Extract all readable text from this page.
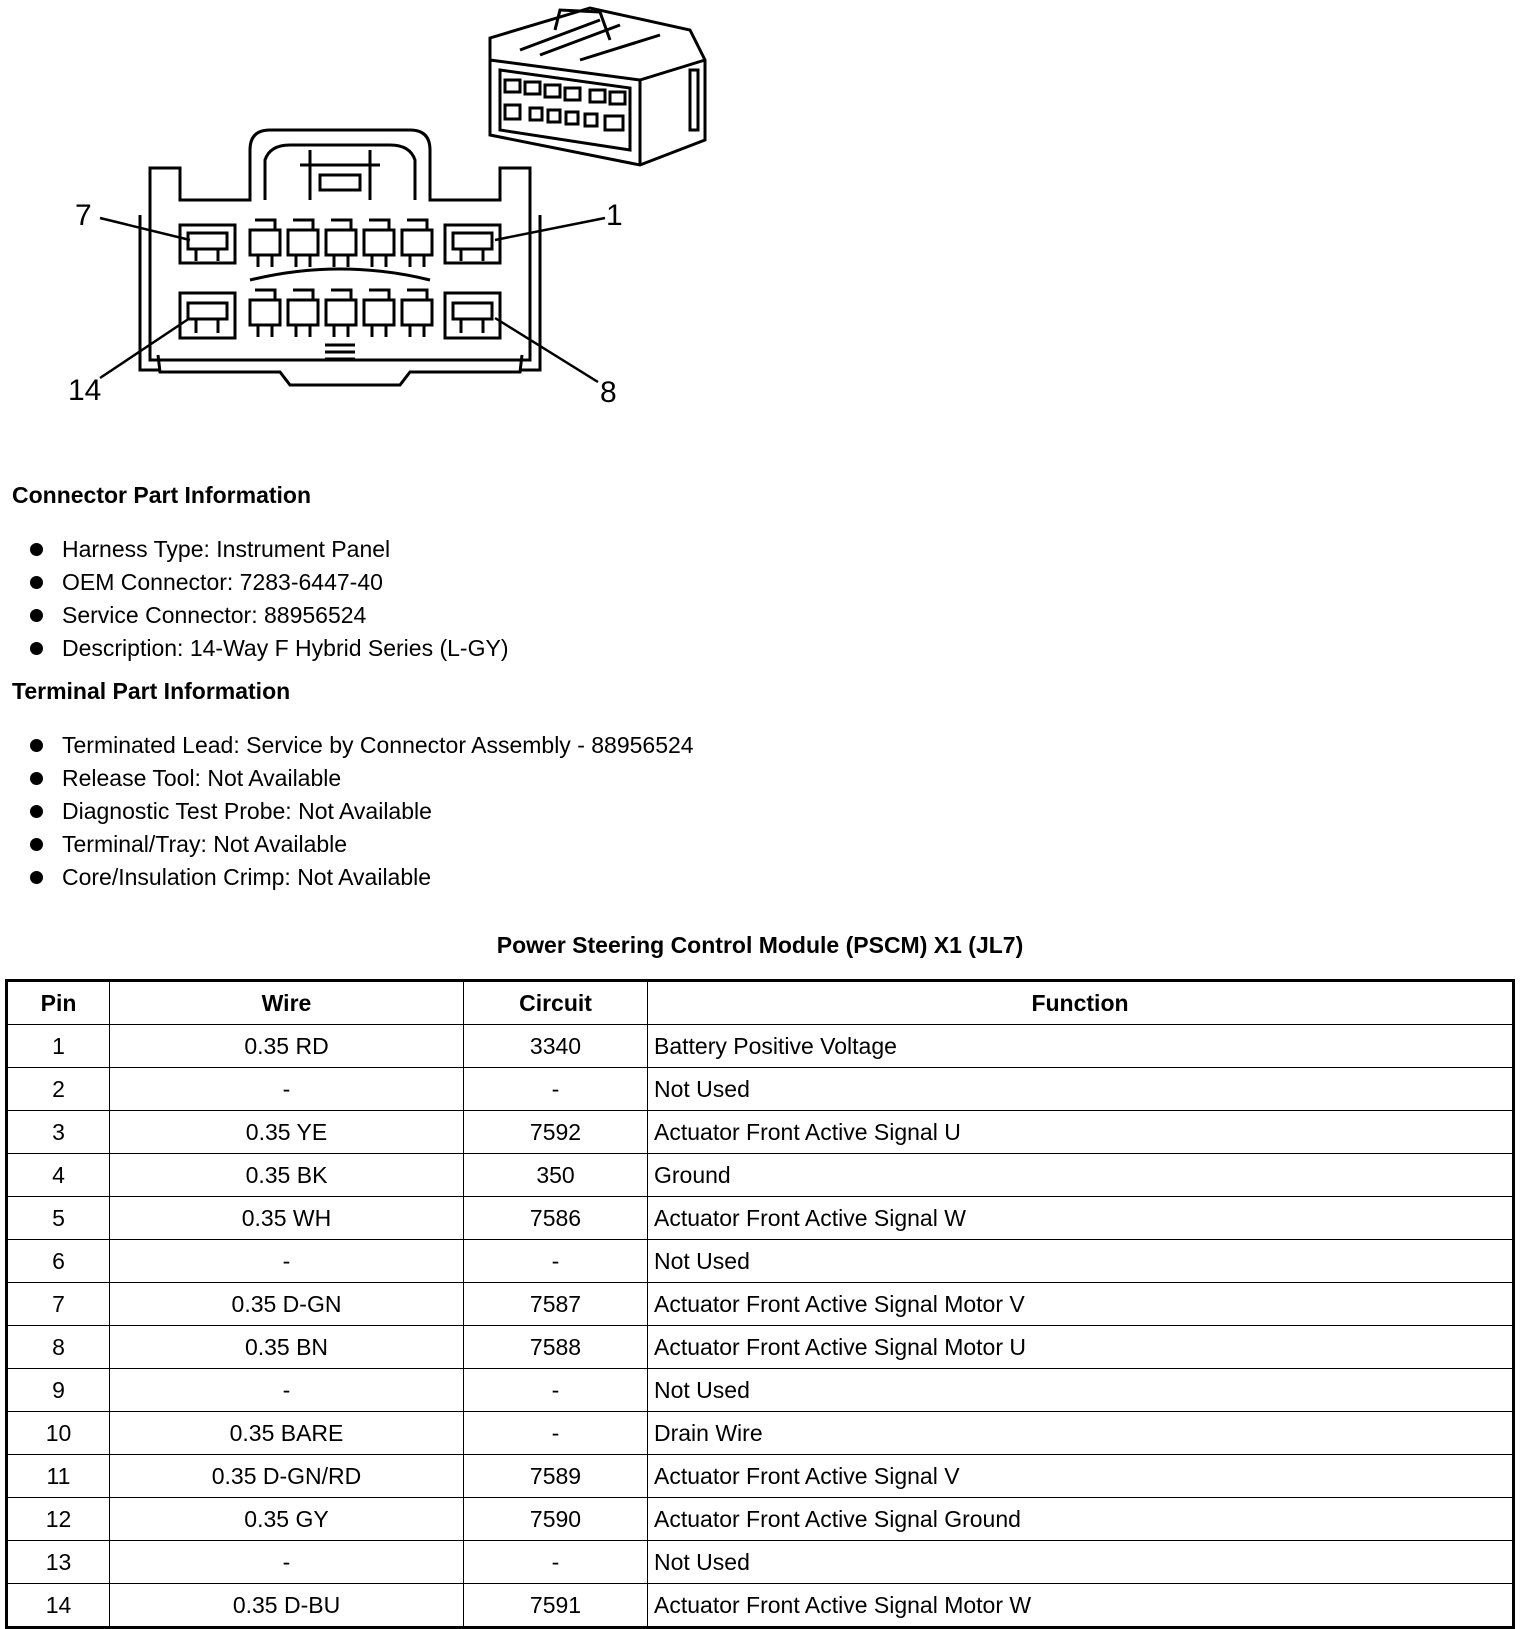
7	1
14	8
Connector Part Information
Harness Type: Instrument Panel
OEM Connector: 7283-6447-40
Service Connector: 88956524
Description: 14-Way F Hybrid Series (L-GY)
Terminal Part Information
Terminated Lead: Service by Connector Assembly - 88956524
Release Tool: Not Available
Diagnostic Test Probe: Not Available
Terminal/Tray: Not Available
Core/Insulation Crimp: Not Available
Power Steering Control Module (PSCM) X1 (JL7)
Pin	Wire	Circuit	Function
1	0.35 RD	3340	Battery Positive Voltage
2	-	-	Not Used
3	0.35 YE	7592	Actuator Front Active Signal U
4	0.35 BK	350	Ground
5	0.35 WH	7586	Actuator Front Active Signal W
6	-	-	Not Used
7	0.35 D-GN	7587	Actuator Front Active Signal Motor V
8	0.35 BN	7588	Actuator Front Active Signal Motor U
9	-	-	Not Used
10	0.35 BARE	-	Drain Wire
11	0.35 D-GN/RD	7589	Actuator Front Active Signal V
12	0.35 GY	7590	Actuator Front Active Signal Ground
13	-	-	Not Used
14	0.35 D-BU	7591	Actuator Front Active Signal Motor W
